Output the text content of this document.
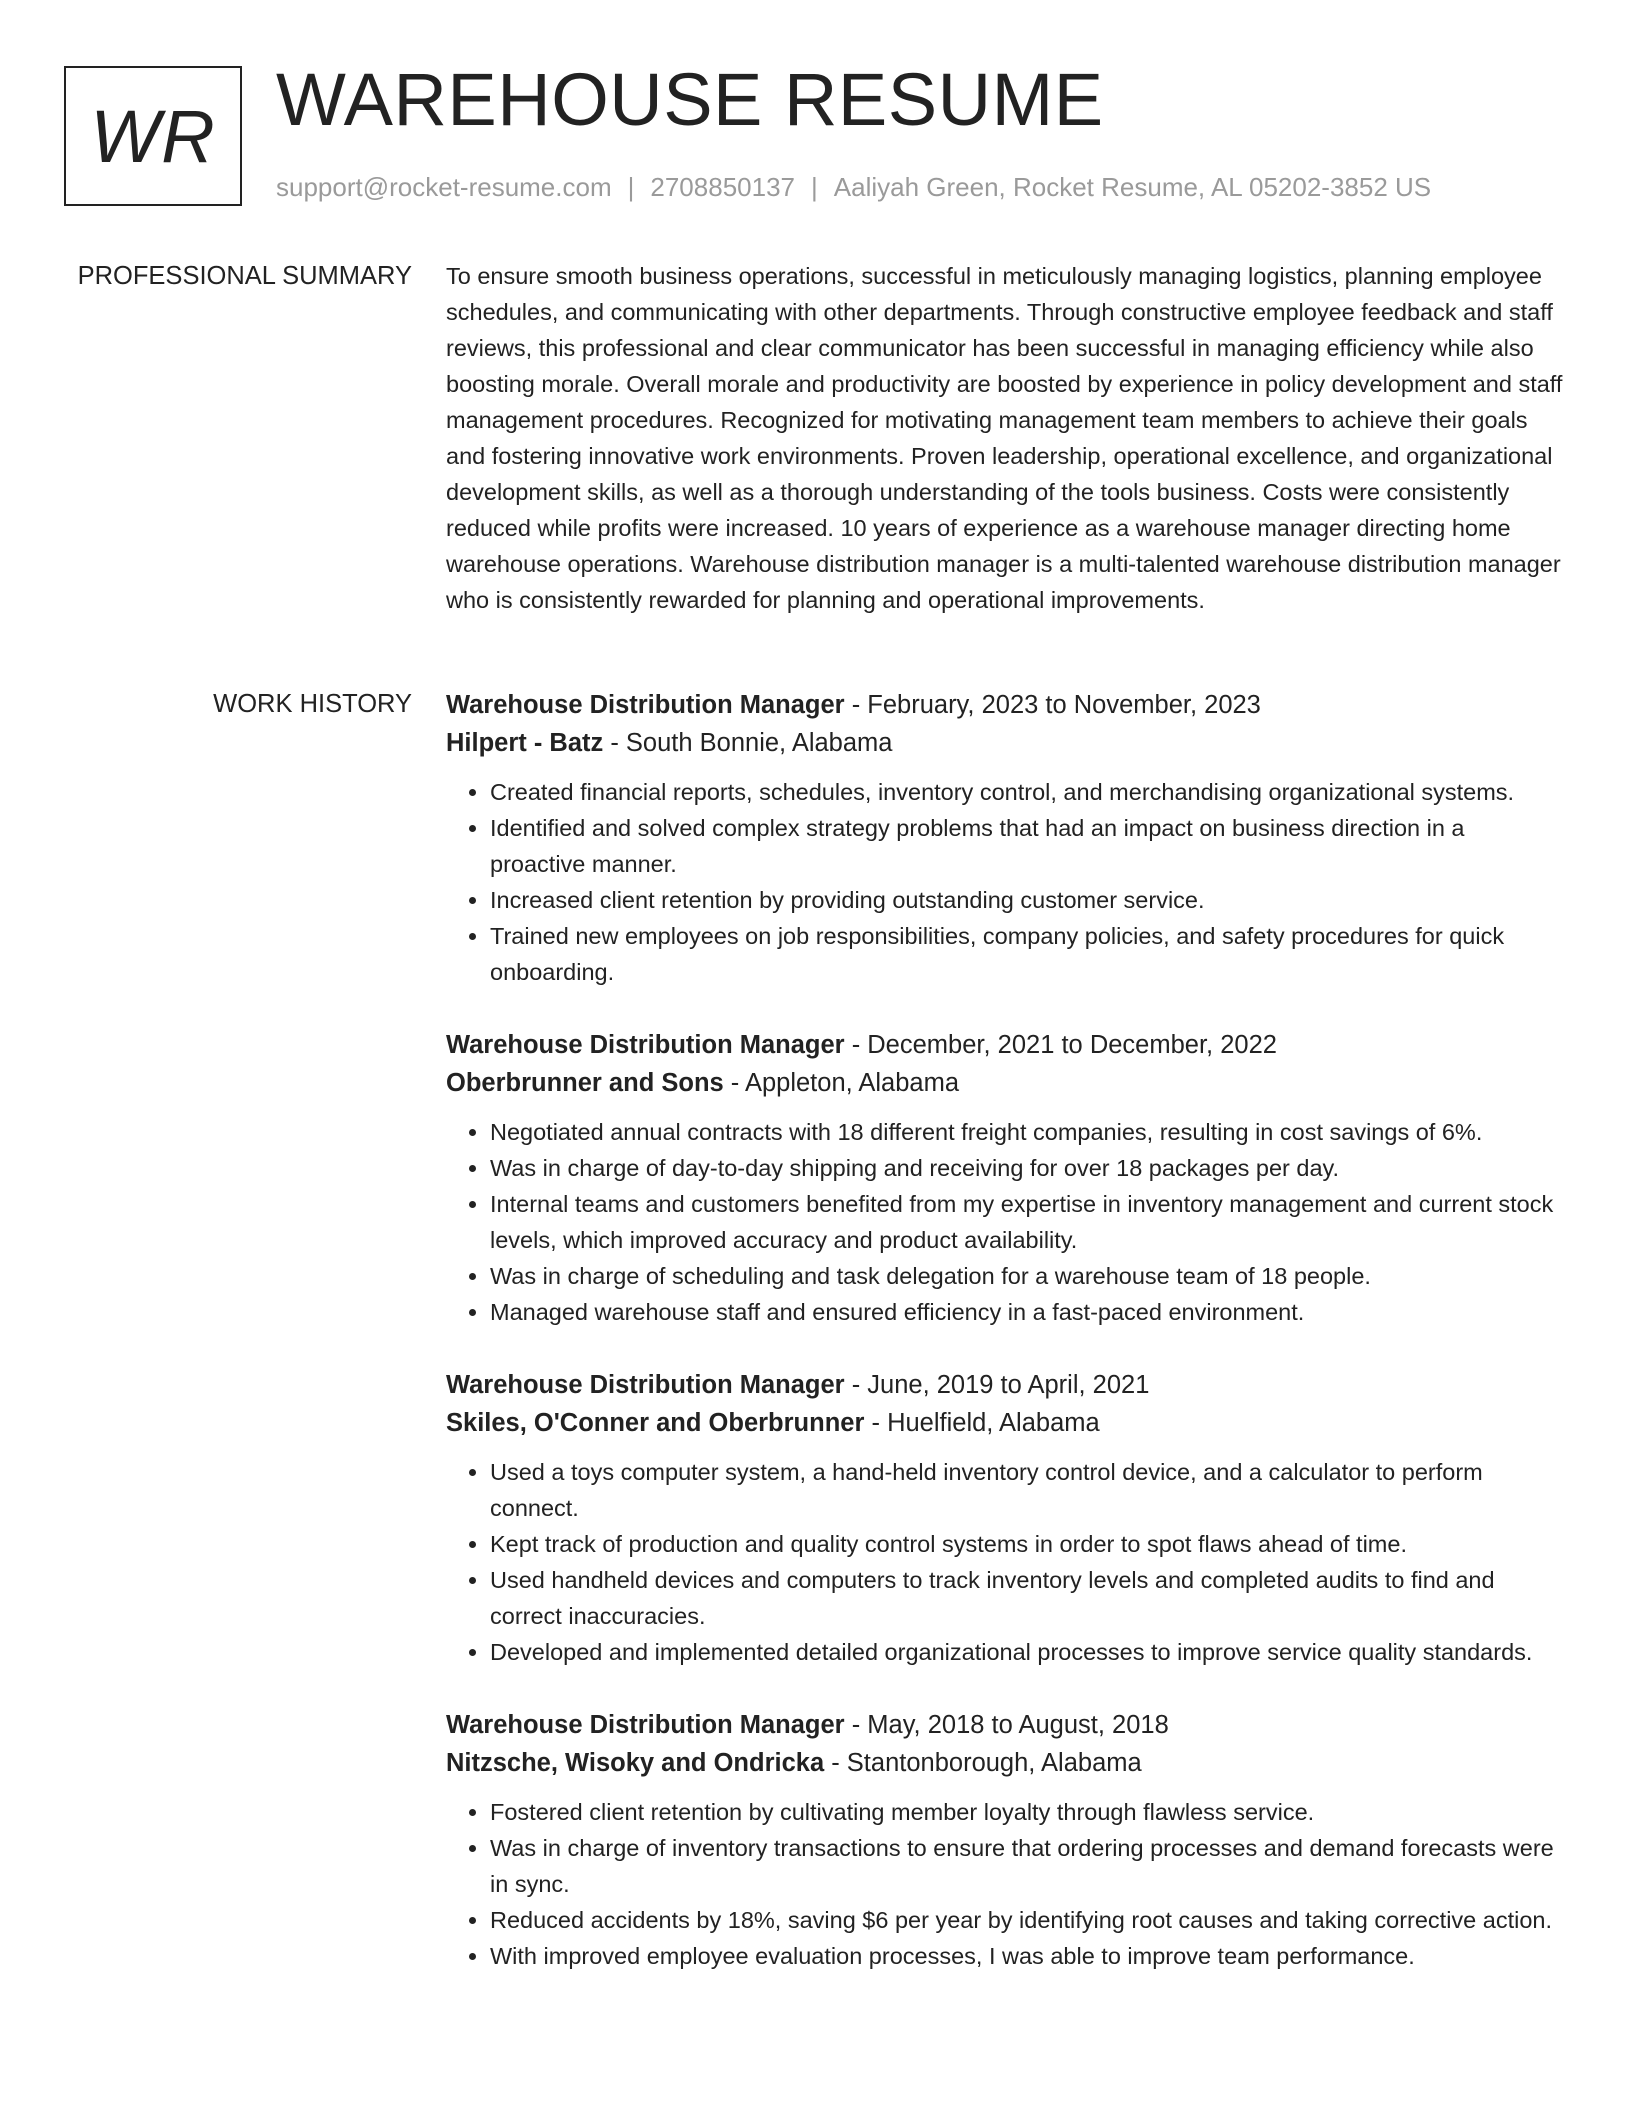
WR WAREHOUSE RESUME
support@rocket-resume.com | 2708850137 | Aaliyah Green, Rocket Resume, AL 05202-3852 US
PROFESSIONAL SUMMARY To ensure smooth business operations, successful in meticulously managing logistics, planning employee schedules, and communicating with other departments. Through constructive employee feedback and staff reviews, this professional and clear communicator has been successful in managing efficiency while also boosting morale. Overall morale and productivity are boosted by experience in policy development and staff management procedures. Recognized for motivating management team members to achieve their goals and fostering innovative work environments. Proven leadership, operational excellence, and organizational development skills, as well as a thorough understanding of the tools business. Costs were consistently reduced while profits were increased. 10 years of experience as a warehouse manager directing home warehouse operations. Warehouse distribution manager is a multi-talented warehouse distribution manager who is consistently rewarded for planning and operational improvements.

WORK HISTORY Warehouse Distribution Manager - February, 2023 to November, 2023
Hilpert - Batz - South Bonnie, Alabama
• Created financial reports, schedules, inventory control, and merchandising organizational systems.
• Identified and solved complex strategy problems that had an impact on business direction in a proactive manner.
• Increased client retention by providing outstanding customer service.
• Trained new employees on job responsibilities, company policies, and safety procedures for quick onboarding.
Warehouse Distribution Manager - December, 2021 to December, 2022
Oberbrunner and Sons - Appleton, Alabama
• Negotiated annual contracts with 18 different freight companies, resulting in cost savings of 6%.
• Was in charge of day-to-day shipping and receiving for over 18 packages per day.
• Internal teams and customers benefited from my expertise in inventory management and current stock levels, which improved accuracy and product availability.
• Was in charge of scheduling and task delegation for a warehouse team of 18 people.
• Managed warehouse staff and ensured efficiency in a fast-paced environment.
Warehouse Distribution Manager - June, 2019 to April, 2021
Skiles, O'Conner and Oberbrunner - Huelfield, Alabama
• Used a toys computer system, a hand-held inventory control device, and a calculator to perform connect.
• Kept track of production and quality control systems in order to spot flaws ahead of time.
• Used handheld devices and computers to track inventory levels and completed audits to find and correct inaccuracies.
• Developed and implemented detailed organizational processes to improve service quality standards.
Warehouse Distribution Manager - May, 2018 to August, 2018
Nitzsche, Wisoky and Ondricka - Stantonborough, Alabama
• Fostered client retention by cultivating member loyalty through flawless service.
• Was in charge of inventory transactions to ensure that ordering processes and demand forecasts were in sync.
• Reduced accidents by 18%, saving $6 per year by identifying root causes and taking corrective action.
• With improved employee evaluation processes, I was able to improve team performance.
